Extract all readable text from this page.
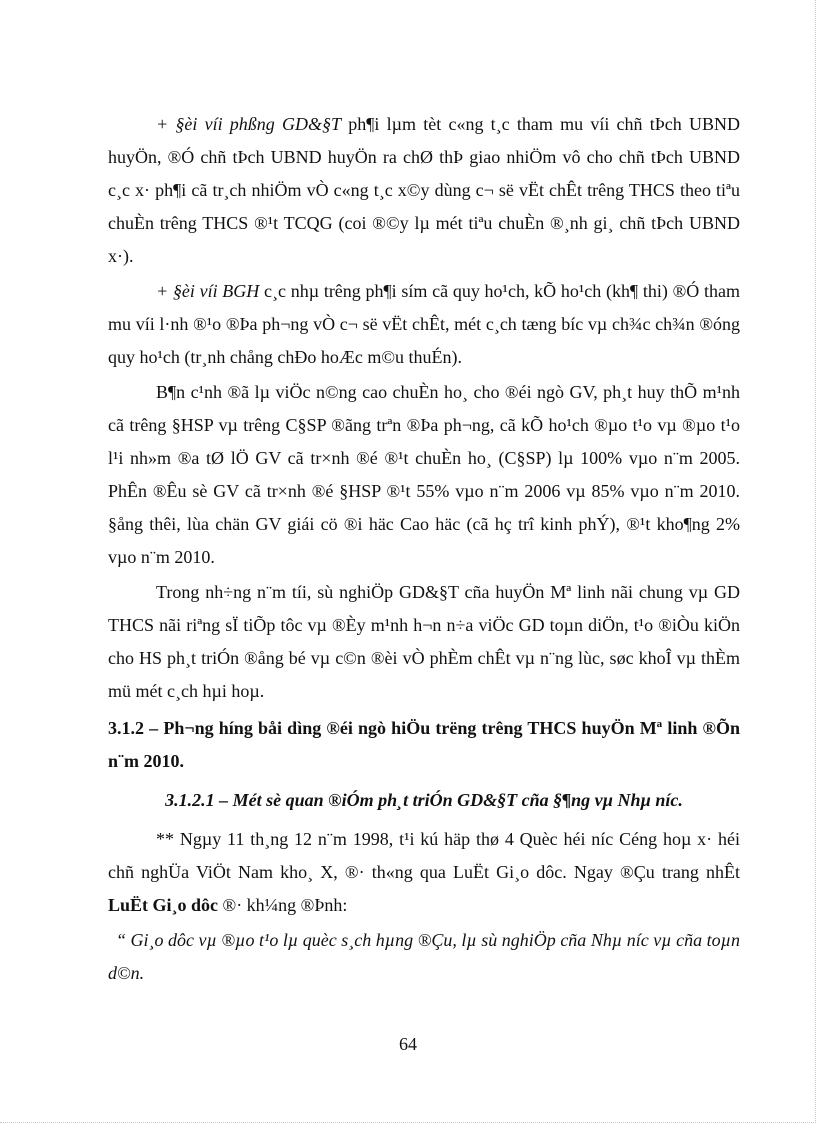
+ §èi víi phßng GD&§T ph¶i lµm tèt c«ng t¸c tham mu víi chñ tÞch UBND huyÖn, ®Ó chñ tÞch UBND huyÖn ra chØ thÞ giao nhiÖm vô cho chñ tÞch UBND c¸c x· ph¶i cã tr¸ch nhiÖm vÒ c«ng t¸c x©y dùng c¬ së vËt chÊt trêng THCS theo tiªu chuÈn trêng THCS ®¹t TCQG (coi ®©y lµ mét tiªu chuÈn ®¸nh gi¸ chñ tÞch UBND x·).

+ §èi víi BGH c¸c nhµ trêng ph¶i sím cã quy ho¹ch, kÕ ho¹ch (kh¶ thi) ®Ó tham mu víi l·nh ®¹o ®Þa ph¬ng vÒ c¬ së vËt chÊt, mét c¸ch tæng bíc vµ ch¾c ch¾n ®óng quy ho¹ch (tr¸nh chång chÐo hoÆc m©u thuÉn).

B¶n c¹nh ®ã lµ viÖc n©ng cao chuÈn ho¸ cho ®éi ngò GV, ph¸t huy thÕ m¹nh cã trêng §HSP vµ trêng C§SP ®ãng trªn ®Þa ph¬ng, cã kÕ ho¹ch ®µo t¹o vµ ®µo t¹o l¹i nh»m ®a tØ lÖ GV cã tr×nh ®é ®¹t chuÈn ho¸ (C§SP) lµ 100% vµo n¨m 2005. PhÊn ®Êu sè GV cã tr×nh ®é §HSP ®¹t 55% vµo n¨m 2006 vµ 85% vµo n¨m 2010. §ång thêi, lùa chän GV giái cö ®i häc Cao häc (cã hç trî kinh phÝ), ®¹t kho¶ng 2% vµo n¨m 2010.

Trong nh÷ng n¨m tíi, sù nghiÖp GD&§T cña huyÖn Mª linh nãi chung vµ GD THCS nãi riªng sÏ tiÕp tôc vµ ®Èy m¹nh h¬n n÷a viÖc GD toµn diÖn, t¹o ®iÒu kiÖn cho HS ph¸t triÓn ®ång bé vµ c©n ®èi vÒ phÈm chÊt vµ n¨ng lùc, søc khoÎ vµ thÈm mü mét c¸ch hµi hoµ.

3.1.2 – Ph¬ng híng båi dìng ®éi ngò hiÖu trëng trêng THCS huyÖn Mª linh ®Õn n¨m 2010.

3.1.2.1 – Mét sè quan ®iÓm ph¸t triÓn GD&§T cña §¶ng vµ Nhµ níc.

** Ngµy 11 th¸ng 12 n¨m 1998, t¹i kú häp thø 4 Quèc héi níc Céng hoµ x· héi chñ nghÜa ViÖt Nam kho¸ X, ®· th«ng qua LuËt Gi¸o dôc. Ngay ®Çu trang nhÊt LuËt Gi¸o dôc ®· kh¼ng ®Þnh:

“ Gi¸o dôc vµ ®µo t¹o lµ quèc s¸ch hµng ®Çu, lµ sù nghiÖp cña Nhµ níc vµ cña toµn d©n.

64
